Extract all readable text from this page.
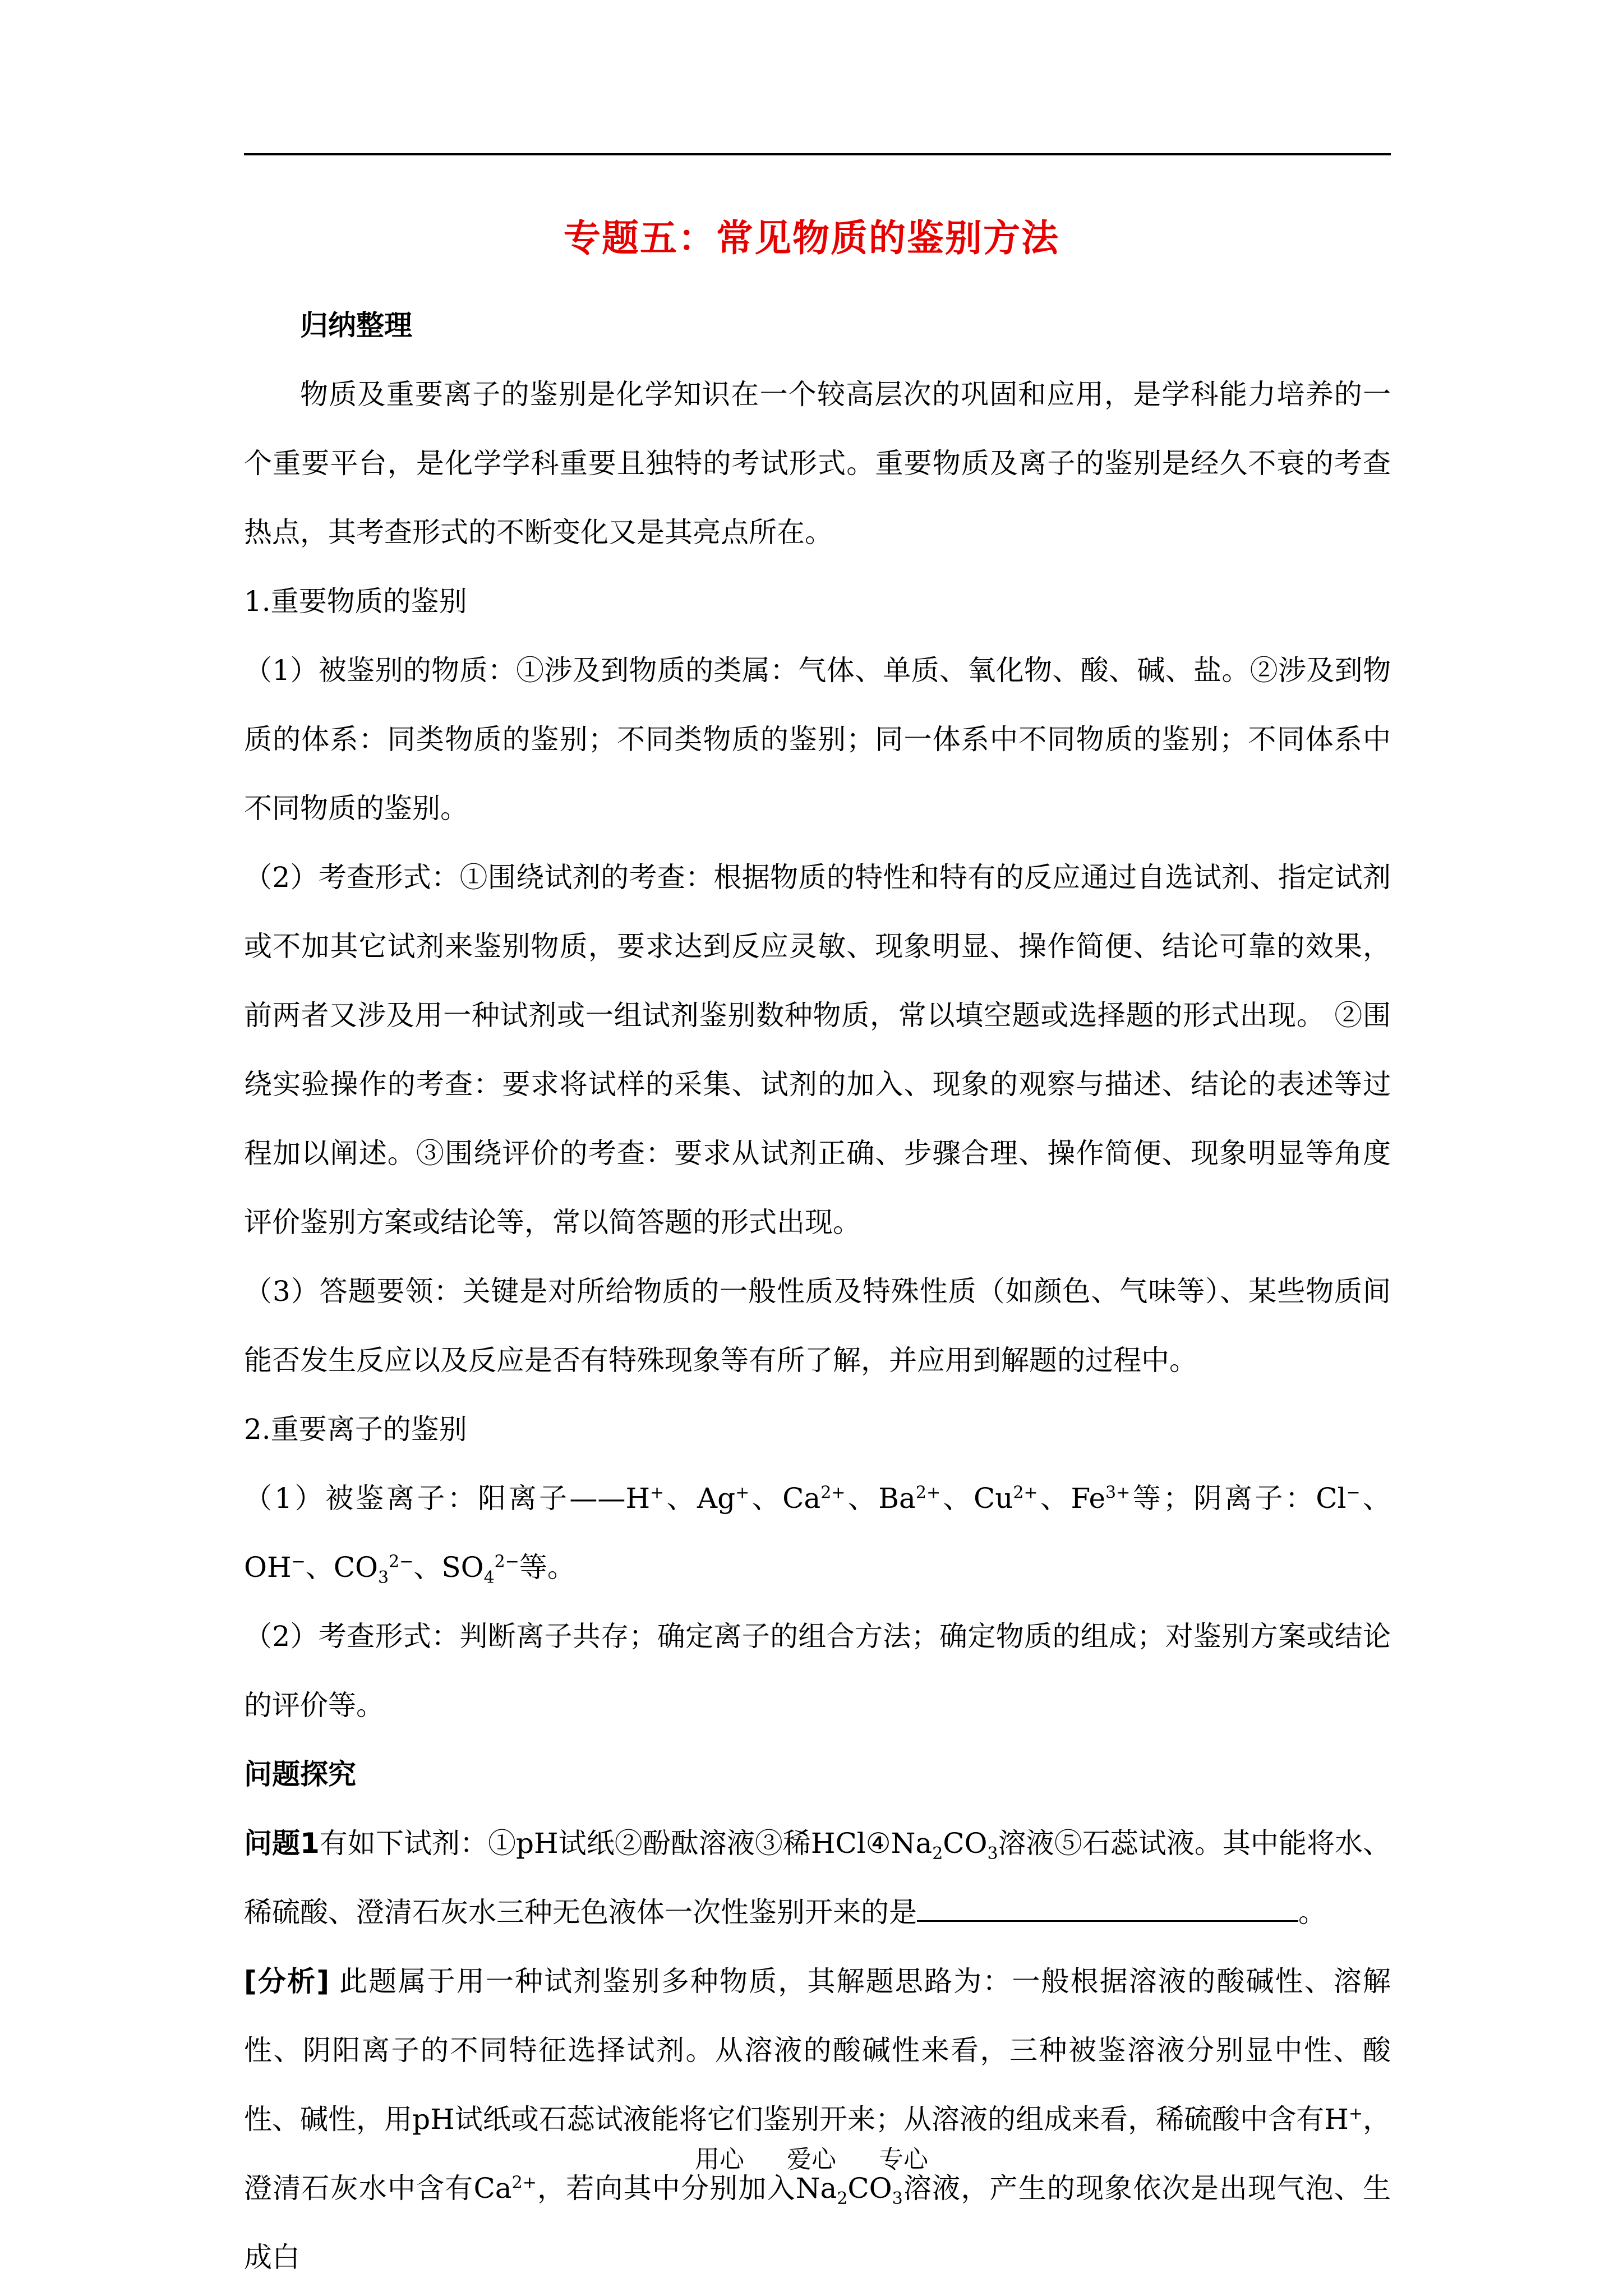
专题五：常见物质的鉴别方法

归纳整理

物质及重要离子的鉴别是化学知识在一个较高层次的巩固和应用，是学科能力培养的一个重要平台，是化学学科重要且独特的考试形式。重要物质及离子的鉴别是经久不衰的考查热点，其考查形式的不断变化又是其亮点所在。

1.重要物质的鉴别

（1）被鉴别的物质：①涉及到物质的类属：气体、单质、氧化物、酸、碱、盐。②涉及到物质的体系：同类物质的鉴别；不同类物质的鉴别；同一体系中不同物质的鉴别；不同体系中不同物质的鉴别。

（2）考查形式：①围绕试剂的考查：根据物质的特性和特有的反应通过自选试剂、指定试剂或不加其它试剂来鉴别物质，要求达到反应灵敏、现象明显、操作简便、结论可靠的效果，前两者又涉及用一种试剂或一组试剂鉴别数种物质，常以填空题或选择题的形式出现。 ②围绕实验操作的考查：要求将试样的采集、试剂的加入、现象的观察与描述、结论的表述等过程加以阐述。③围绕评价的考查：要求从试剂正确、步骤合理、操作简便、现象明显等角度评价鉴别方案或结论等，常以简答题的形式出现。

（3）答题要领：关键是对所给物质的一般性质及特殊性质（如颜色、气味等）、某些物质间能否发生反应以及反应是否有特殊现象等有所了解，并应用到解题的过程中。

2.重要离子的鉴别

（1）被鉴离子：阳离子——H+、Ag+、$Ca^{2+}$、$Ba^{2+}$、$Cu^{2+}$、$Fe^{3+}$等；阴离子：Cl−、OH−、$CO_3^{2-}$、$SO_4^{2-}$等。

（2）考查形式：判断离子共存；确定离子的组合方法；确定物质的组成；对鉴别方案或结论的评价等。

问题探究

问题1有如下试剂：①pH试纸②酚酞溶液③稀$HCl④Na_2CO_3$溶液⑤石蕊试液。其中能将水、稀硫酸、澄清石灰水三种无色液体一次性鉴别开来的是	。

[分析] 此题属于用一种试剂鉴别多种物质，其解题思路为：一般根据溶液的酸碱性、溶解性、阴阳离子的不同特征选择试剂。从溶液的酸碱性来看，三种被鉴溶液分别显中性、酸性、碱性，用pH试纸或石蕊试液能将它们鉴别开来；从溶液的组成来看，稀硫酸中含有H+，澄清石灰水中含有$Ca^{2+}$，若向其中分别加入$Na_2CO_3$溶液，产生的现象依次是出现气泡、生成白

用心 爱心 专心
